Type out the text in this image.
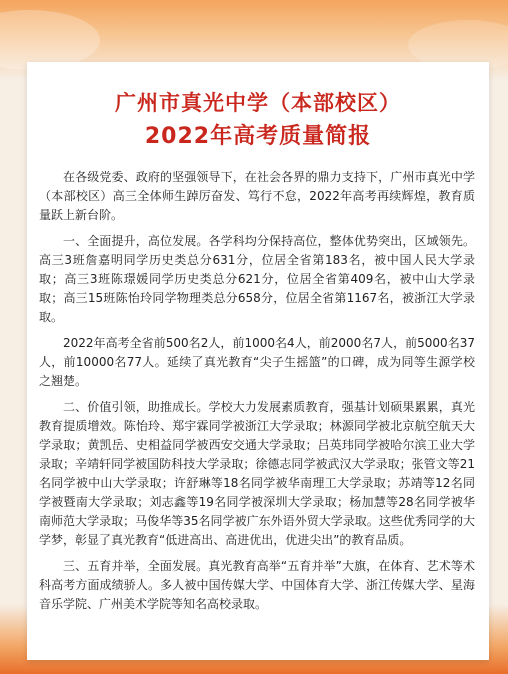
广州市真光中学（本部校区）
2022年高考质量简报

在各级党委、政府的坚强领导下，在社会各界的鼎力支持下，广州市真光中学（本部校区）高三全体师生踔厉奋发、笃行不怠，2022年高考再续辉煌，教育质量跃上新台阶。

一、全面提升，高位发展。各学科均分保持高位，整体优势突出，区域领先。高三3班詹嘉明同学历史类总分631分，位居全省第183名，被中国人民大学录取；高三3班陈璟媛同学历史类总分621分，位居全省第409名，被中山大学录取；高三15班陈怡玲同学物理类总分658分，位居全省第1167名，被浙江大学录取。

2022年高考全省前500名2人，前1000名4人，前2000名7人，前5000名37人，前10000名77人。延续了真光教育“尖子生摇篮”的口碑，成为同等生源学校之翘楚。

二、价值引领，助推成长。学校大力发展素质教育，强基计划硕果累累，真光教育提质增效。陈怡玲、郑宇霖同学被浙江大学录取；林源同学被北京航空航天大学录取；黄凯岳、史相益同学被西安交通大学录取；吕英玮同学被哈尔滨工业大学录取；辛靖轩同学被国防科技大学录取；徐德志同学被武汉大学录取；张管文等21名同学被中山大学录取；许舒琳等18名同学被华南理工大学录取；苏靖等12名同学被暨南大学录取；刘志鑫等19名同学被深圳大学录取；杨加慧等28名同学被华南师范大学录取；马俊华等35名同学被广东外语外贸大学录取。这些优秀同学的大学梦，彰显了真光教育“低进高出、高进优出，优进尖出”的教育品质。

三、五育并举，全面发展。真光教育高举“五育并举”大旗，在体育、艺术等术科高考方面成绩骄人。多人被中国传媒大学、中国体育大学、浙江传媒大学、星海音乐学院、广州美术学院等知名高校录取。
